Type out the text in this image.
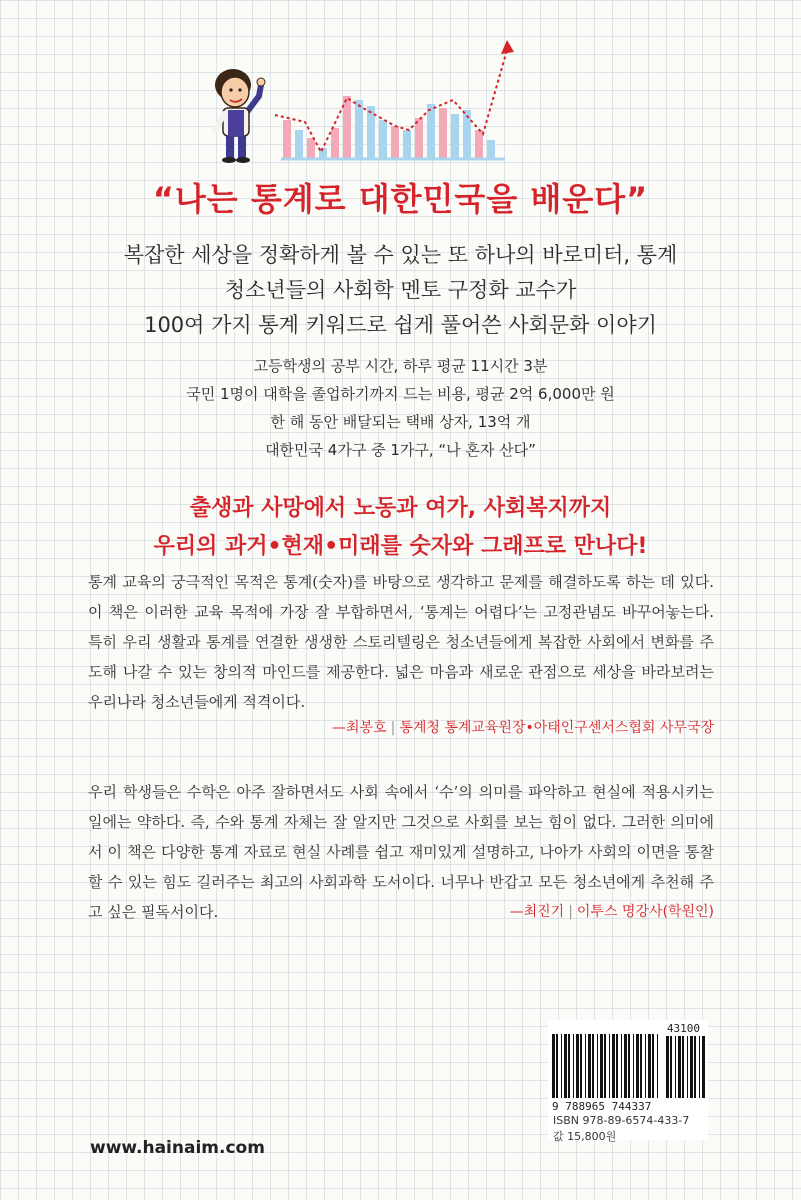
“나는 통계로 대한민국을 배운다”
복잡한 세상을 정확하게 볼 수 있는 또 하나의 바로미터, 통계
청소년들의 사회학 멘토 구정화 교수가
100여 가지 통계 키워드로 쉽게 풀어쓴 사회문화 이야기
고등학생의 공부 시간, 하루 평균 11시간 3분
국민 1명이 대학을 졸업하기까지 드는 비용, 평균 2억 6,000만 원
한 해 동안 배달되는 택배 상자, 13억 개
대한민국 4가구 중 1가구, “나 혼자 산다”
출생과 사망에서 노동과 여가, 사회복지까지
우리의 과거•현재•미래를 숫자와 그래프로 만나다!

통계 교육의 궁극적인 목적은 통계(숫자)를 바탕으로 생각하고 문제를 해결하도록 하는 데 있다. 이 책은 이러한 교육 목적에 가장 잘 부합하면서, ‘통계는 어렵다’는 고정관념도 바꾸어놓는다. 특히 우리 생활과 통계를 연결한 생생한 스토리텔링은 청소년들에게 복잡한 사회에서 변화를 주도해 나갈 수 있는 창의적 마인드를 제공한다. 넓은 마음과 새로운 관점으로 세상을 바라보려는 우리나라 청소년들에게 적격이다.

—최봉호 | 통계청 통계교육원장•아태인구센서스협회 사무국장

우리 학생들은 수학은 아주 잘하면서도 사회 속에서 ‘수’의 의미를 파악하고 현실에 적용시키는 일에는 약하다. 즉, 수와 통계 자체는 잘 알지만 그것으로 사회를 보는 힘이 없다. 그러한 의미에서 이 책은 다양한 통계 자료로 현실 사례를 쉽고 재미있게 설명하고, 나아가 사회의 이면을 통찰할 수 있는 힘도 길러주는 최고의 사회과학 도서이다. 너무나 반갑고 모든 청소년에게 추천해 주고 싶은 필독서이다.	—최진기 | 이투스 명강사(학원인)

43100
9 788965 744337
ISBN 978-89-6574-433-7
값 15,800원
www.hainaim.com
